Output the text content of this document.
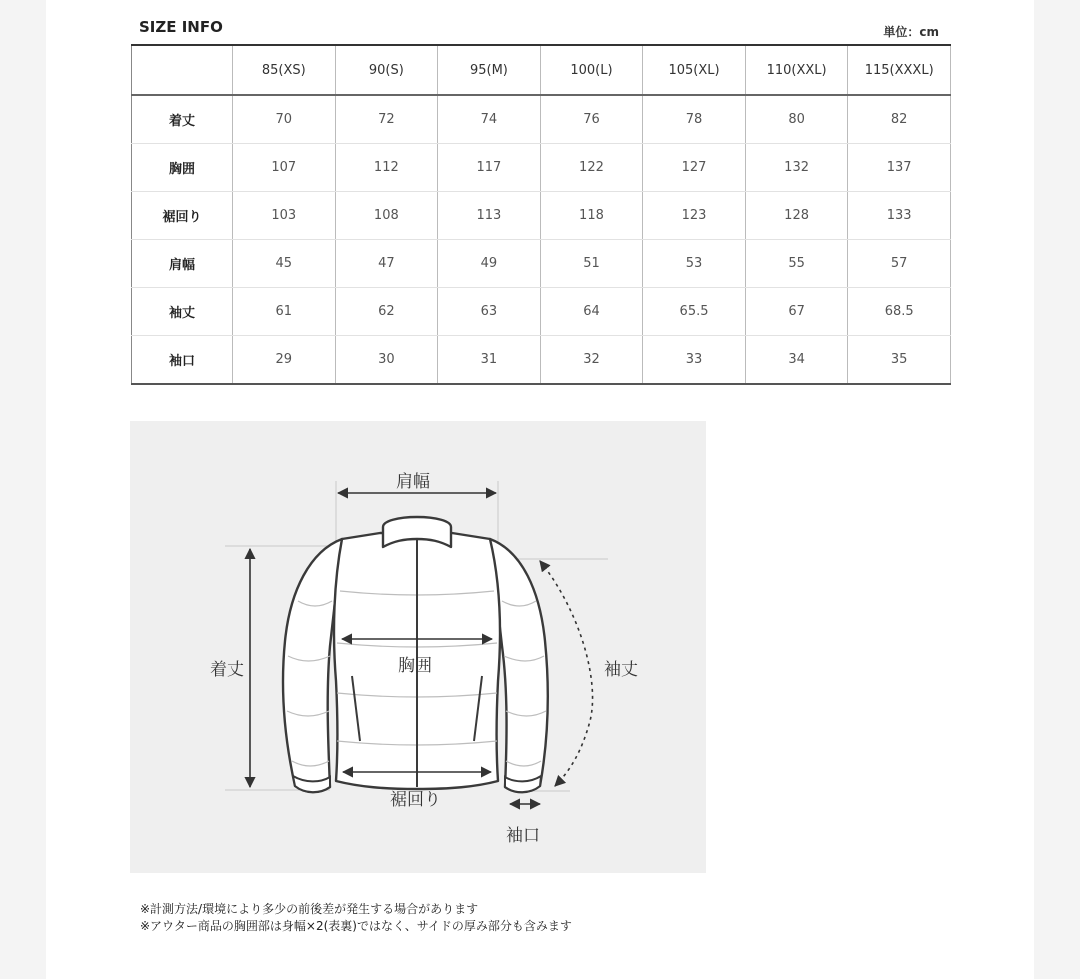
SIZE INFO	単位：cm
	85(XS)	90(S)	95(M)	100(L)	105(XL)	110(XXL)	115(XXXL)
着丈	70	72	74	76	78	80	82
胸囲	107	112	117	122	127	132	137
裾回り	103	108	113	118	123	128	133
肩幅	45	47	49	51	53	55	57
袖丈	61	62	63	64	65.5	67	68.5
袖口	29	30	31	32	33	34	35
肩幅
着丈	胸囲	袖丈
裾回り
袖口
※計測方法/環境により多少の前後差が発生する場合があります
※アウター商品の胸囲部は身幅×2(表裏)ではなく、サイドの厚み部分も含みます
